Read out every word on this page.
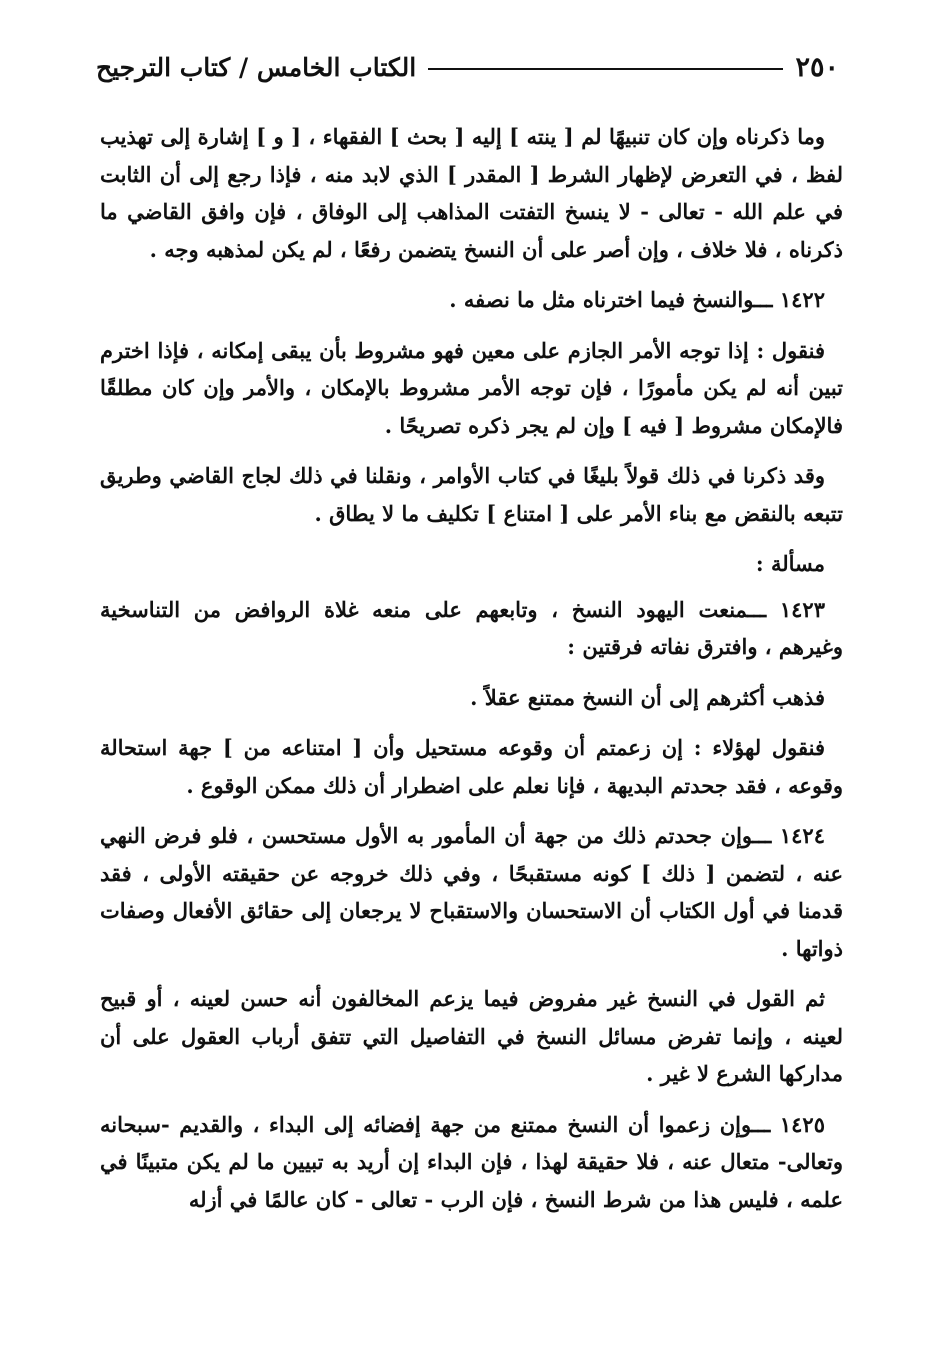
٢٥٠
الكتاب الخامس / كتاب الترجيح

وما ذكرناه وإن كان تنبيهًا لم [ ينته ] إليه [ بحث ] الفقهاء ، [ و ] إشارة إلى تهذيب لفظ ، في التعرض لإظهار الشرط [ المقدر ] الذي لابد منه ، فإذا رجع إلى أن الثابت في علم الله - تعالى - لا ينسخ التفتت المذاهب إلى الوفاق ، فإن وافق القاضي ما ذكرناه ، فلا خلاف ، وإن أصر على أن النسخ يتضمن رفعًا ، لم يكن لمذهبه وجه .

١٤٢٢ ـــوالنسخ فيما اخترناه مثل ما نصفه .

فنقول : إذا توجه الأمر الجازم على معين فهو مشروط بأن يبقى إمكانه ، فإذا اخترم تبين أنه لم يكن مأمورًا ، فإن توجه الأمر مشروط بالإمكان ، والأمر وإن كان مطلقًا فالإمكان مشروط [ فيه ] وإن لم يجر ذكره تصريحًا .

وقد ذكرنا في ذلك قولاً بليغًا في كتاب الأوامر ، ونقلنا في ذلك لجاج القاضي وطريق تتبعه بالنقض مع بناء الأمر على [ امتناع ] تكليف ما لا يطاق .

مسألة :

١٤٢٣ ـــمنعت اليهود النسخ ، وتابعهم على منعه غلاة الروافض من التناسخية وغيرهم ، وافترق نفاته فرقتين :

فذهب أكثرهم إلى أن النسخ ممتنع عقلاً .

فنقول لهؤلاء : إن زعمتم أن وقوعه مستحيل وأن [ امتناعه من ] جهة استحالة وقوعه ، فقد جحدتم البديهة ، فإنا نعلم على اضطرار أن ذلك ممكن الوقوع .

١٤٢٤ ـــوإن جحدتم ذلك من جهة أن المأمور به الأول مستحسن ، فلو فرض النهي عنه ، لتضمن [ ذلك ] كونه مستقبحًا ، وفي ذلك خروجه عن حقيقته الأولى ، فقد قدمنا في أول الكتاب أن الاستحسان والاستقباح لا يرجعان إلى حقائق الأفعال وصفات ذواتها .

ثم القول في النسخ غير مفروض فيما يزعم المخالفون أنه حسن لعينه ، أو قبيح لعينه ، وإنما تفرض مسائل النسخ في التفاصيل التي تتفق أرباب العقول على أن مداركها الشرع لا غير .

١٤٢٥ ـــوإن زعموا أن النسخ ممتنع من جهة إفضائه إلى البداء ، والقديم -سبحانه وتعالى- متعال عنه ، فلا حقيقة لهذا ، فإن البداء إن أريد به تبيين ما لم يكن متبينًا في علمه ، فليس هذا من شرط النسخ ، فإن الرب - تعالى - كان عالمًا في أزله
